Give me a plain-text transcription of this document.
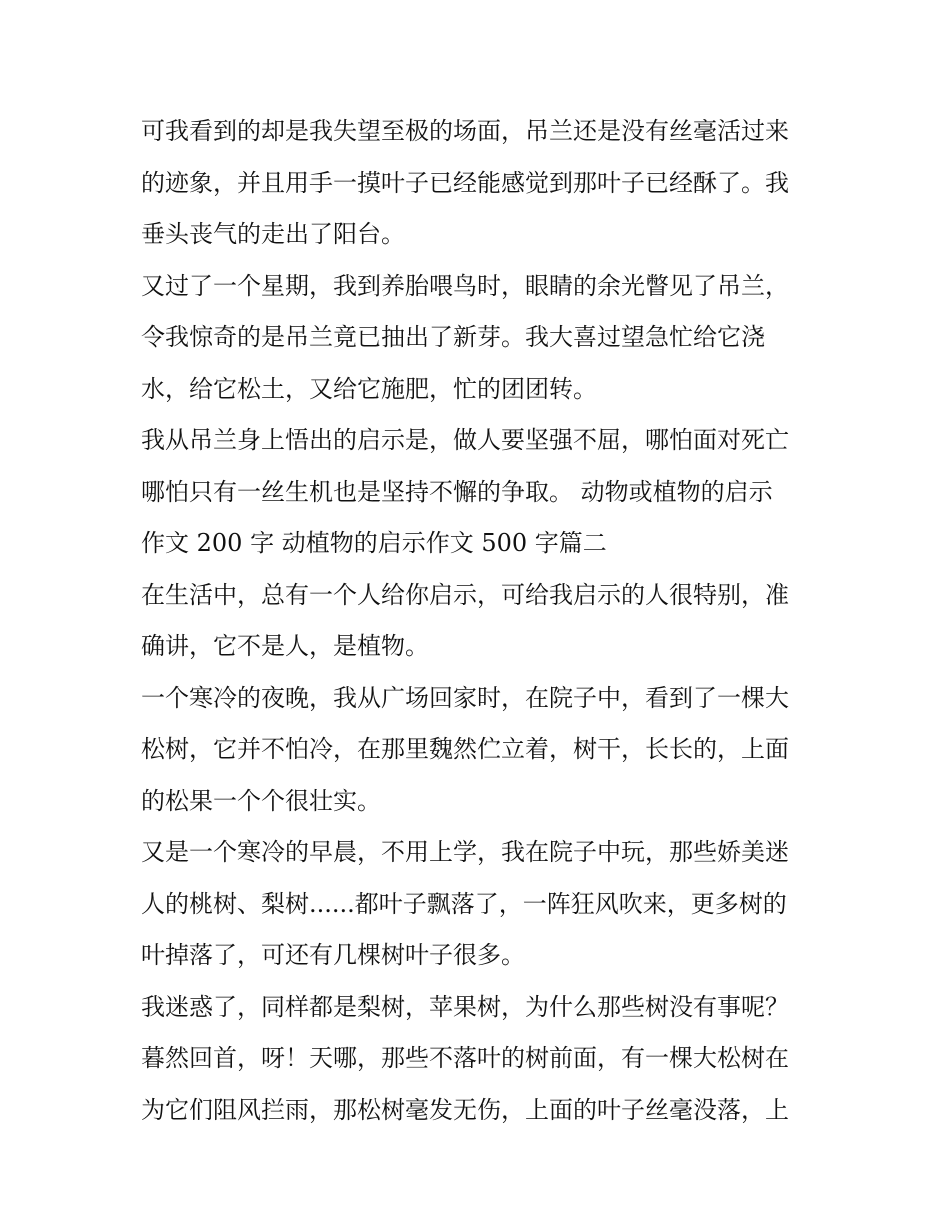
可我看到的却是我失望至极的场面，吊兰还是没有丝毫活过来
的迹象，并且用手一摸叶子已经能感觉到那叶子已经酥了。我
垂头丧气的走出了阳台。
又过了一个星期，我到养胎喂鸟时，眼睛的余光瞥见了吊兰，
令我惊奇的是吊兰竟已抽出了新芽。我大喜过望急忙给它浇
水，给它松土，又给它施肥，忙的团团转。
我从吊兰身上悟出的启示是，做人要坚强不屈，哪怕面对死亡
哪怕只有一丝生机也是坚持不懈的争取。 动物或植物的启示
作文 200 字 动植物的启示作文 500 字篇二
在生活中，总有一个人给你启示，可给我启示的人很特别，准
确讲，它不是人，是植物。
一个寒冷的夜晚，我从广场回家时，在院子中，看到了一棵大
松树，它并不怕冷，在那里魏然伫立着，树干，长长的，上面
的松果一个个很壮实。
又是一个寒冷的早晨，不用上学，我在院子中玩，那些娇美迷
人的桃树、梨树......都叶子飘落了，一阵狂风吹来，更多树的
叶掉落了，可还有几棵树叶子很多。
我迷惑了，同样都是梨树，苹果树，为什么那些树没有事呢？
暮然回首，呀！天哪，那些不落叶的树前面，有一棵大松树在
为它们阻风拦雨，那松树毫发无伤，上面的叶子丝毫没落，上
